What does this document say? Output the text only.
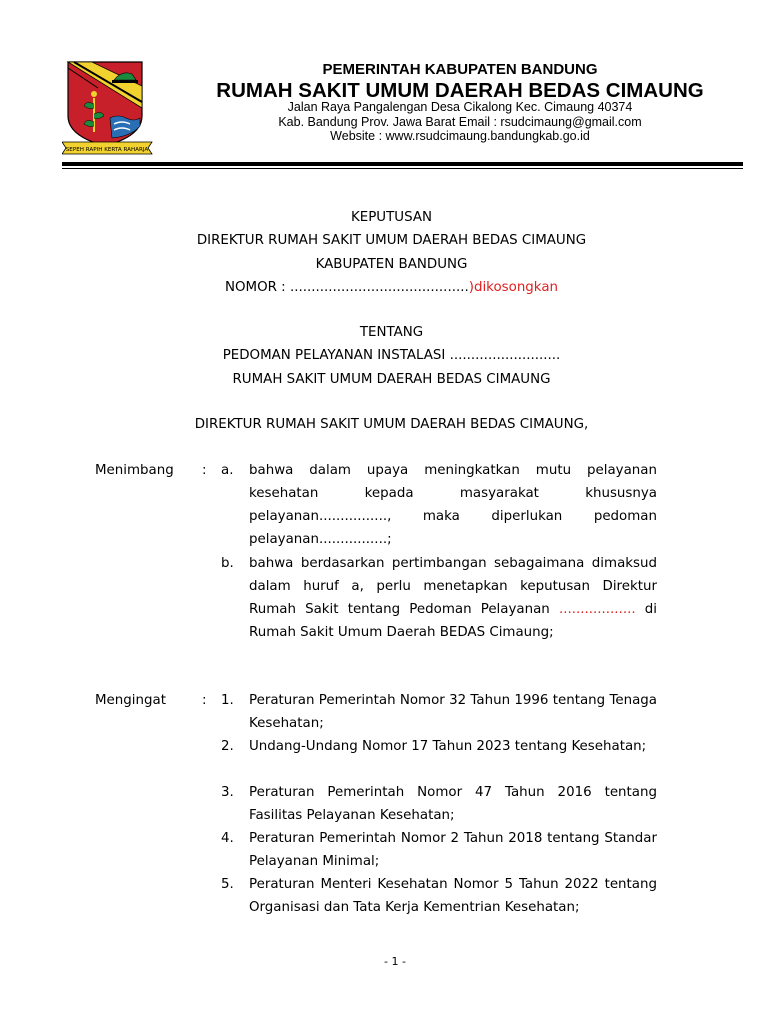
SEPEH RAPIH KERTA RAHARJA
PEMERINTAH KABUPATEN BANDUNG
RUMAH SAKIT UMUM DAERAH BEDAS CIMAUNG
Jalan Raya Pangalengan Desa Cikalong Kec. Cimaung 40374
Kab. Bandung Prov. Jawa Barat Email : rsudcimaung@gmail.com
Website : www.rsudcimaung.bandungkab.go.id
KEPUTUSAN
DIREKTUR RUMAH SAKIT UMUM DAERAH BEDAS CIMAUNG
KABUPATEN BANDUNG
NOMOR : ..........................................)dikosongkan
TENTANG
PEDOMAN PELAYANAN INSTALASI ..........................
RUMAH SAKIT UMUM DAERAH BEDAS CIMAUNG
DIREKTUR RUMAH SAKIT UMUM DAERAH BEDAS CIMAUNG,
Menimbang : a. bahwa dalam upaya meningkatkan mutu pelayanan kesehatan kepada masyarakat khususnya pelayanan................, maka diperlukan pedoman pelayanan................;
b. bahwa berdasarkan pertimbangan sebagaimana dimaksud dalam huruf a, perlu menetapkan keputusan Direktur Rumah Sakit tentang Pedoman Pelayanan .................. di Rumah Sakit Umum Daerah BEDAS Cimaung;
Mengingat	: 1. Peraturan Pemerintah Nomor 32 Tahun 1996 tentang Tenaga Kesehatan;
2. Undang-Undang Nomor 17 Tahun 2023 tentang Kesehatan;
3. Peraturan Pemerintah Nomor 47 Tahun 2016 tentang Fasilitas Pelayanan Kesehatan;
4. Peraturan Pemerintah Nomor 2 Tahun 2018 tentang Standar Pelayanan Minimal;
5. Peraturan Menteri Kesehatan Nomor 5 Tahun 2022 tentang Organisasi dan Tata Kerja Kementrian Kesehatan;
- 1 -
